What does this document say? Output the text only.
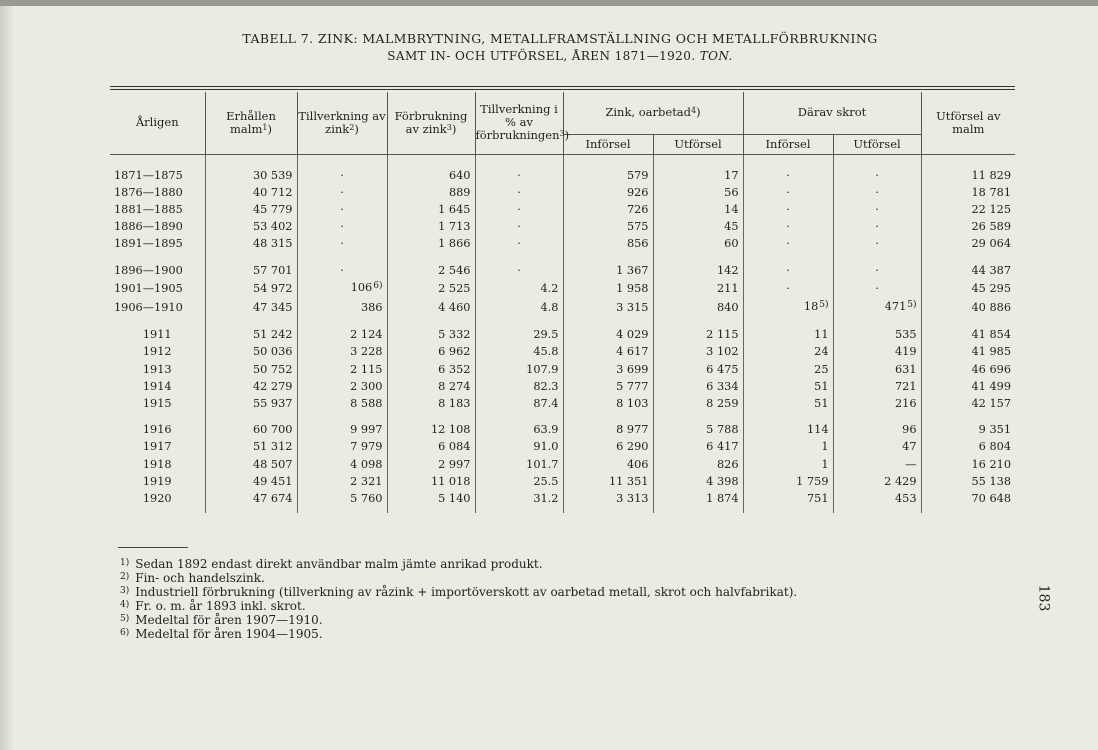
TABELL 7. ZINK: MALMBRYTNING, METALLFRAMSTÄLLNING OCH METALLFÖRBRUKNING
SAMT IN- OCH UTFÖRSEL, ÅREN 1871—1920. TON.
Årligen	Erhållen malm$^1$)	Tillverkning av zink$^2$)	Förbrukning av zink$^3$)	Tillverkning i % av förbrukningen$^3$)	Zink, oarbetad$^4$)		Därav skrot		Utförsel av malm
					Införsel	Utförsel	Införsel	Utförsel	

1871—1875	30 539	·	640	·	579	17	·	·	11 829
1876—1880	40 712	·	889	·	926	56	·	·	18 781
1881—1885	45 779	·	1 645	·	726	14	·	·	22 125
1886—1890	53 402	·	1 713	·	575	45	·	·	26 589
1891—1895	48 315	·	1 866	·	856	60	·	·	29 064

1896—1900	57 701	·	2 546	·	1 367	142	·	·	44 387
1901—1905	54 972	106$^{6)}$	2 525	4.2	1 958	211	·	·	45 295
1906—1910	47 345	386	4 460	4.8	3 315	840	18$^{5)}$	471$^{5)}$	40 886

1911	51 242	2 124	5 332	29.5	4 029	2 115	11	535	41 854
1912	50 036	3 228	6 962	45.8	4 617	3 102	24	419	41 985
1913	50 752	2 115	6 352	107.9	3 699	6 475	25	631	46 696
1914	42 279	2 300	8 274	82.3	5 777	6 334	51	721	41 499
1915	55 937	8 588	8 183	87.4	8 103	8 259	51	216	42 157

1916	60 700	9 997	12 108	63.9	8 977	5 788	114	96	9 351
1917	51 312	7 979	6 084	91.0	6 290	6 417	1	47	6 804
1918	48 507	4 098	2 997	101.7	406	826	1	—	16 210
1919	49 451	2 321	11 018	25.5	11 351	4 398	1 759	2 429	55 138
1920	47 674	5 760	5 140	31.2	3 313	1 874	751	453	70 648

$^{1)}$ Sedan 1892 endast direkt användbar malm jämte anrikad produkt.
$^{2)}$ Fin- och handelszink.
$^{3)}$ Industriell förbrukning (tillverkning av råzink + importöverskott av oarbetad metall, skrot och halvfabrikat).
$^{4)}$ Fr. o. m. år 1893 inkl. skrot.
$^{5)}$ Medeltal för åren 1907—1910.
$^{6)}$ Medeltal för åren 1904—1905.
183
